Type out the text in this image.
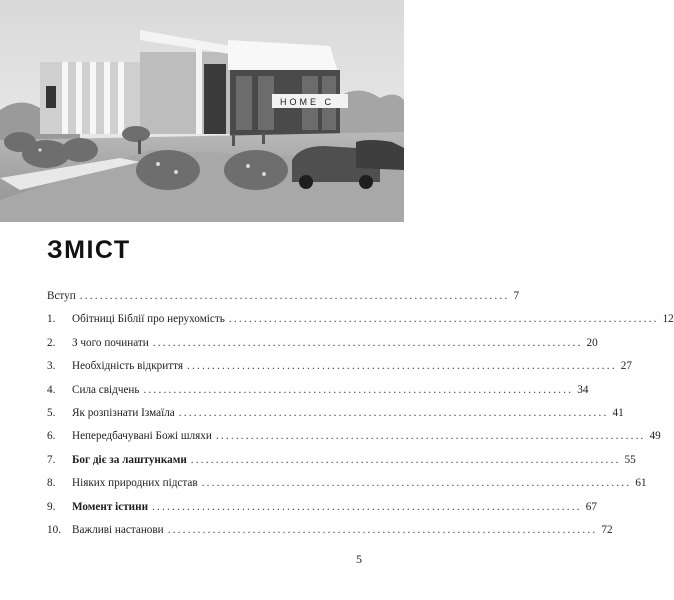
HOME C
ЗМІСТ
Вступ ...................................................................................... 7
1.	Обітниці Біблії про нерухомість ...................................................................................... 12
2.	З чого починати ...................................................................................... 20
3.	Необхідність відкриття ...................................................................................... 27
4.	Сила свідчень ...................................................................................... 34
5.	Як розпізнати Ізмаїла ...................................................................................... 41
6.	Непередбачувані Божі шляхи ...................................................................................... 49
7.	Бог діє за лаштунками ...................................................................................... 55
8.	Ніяких природних підстав ...................................................................................... 61
9.	Момент істини ...................................................................................... 67
10. Важливі настанови ...................................................................................... 72
5
